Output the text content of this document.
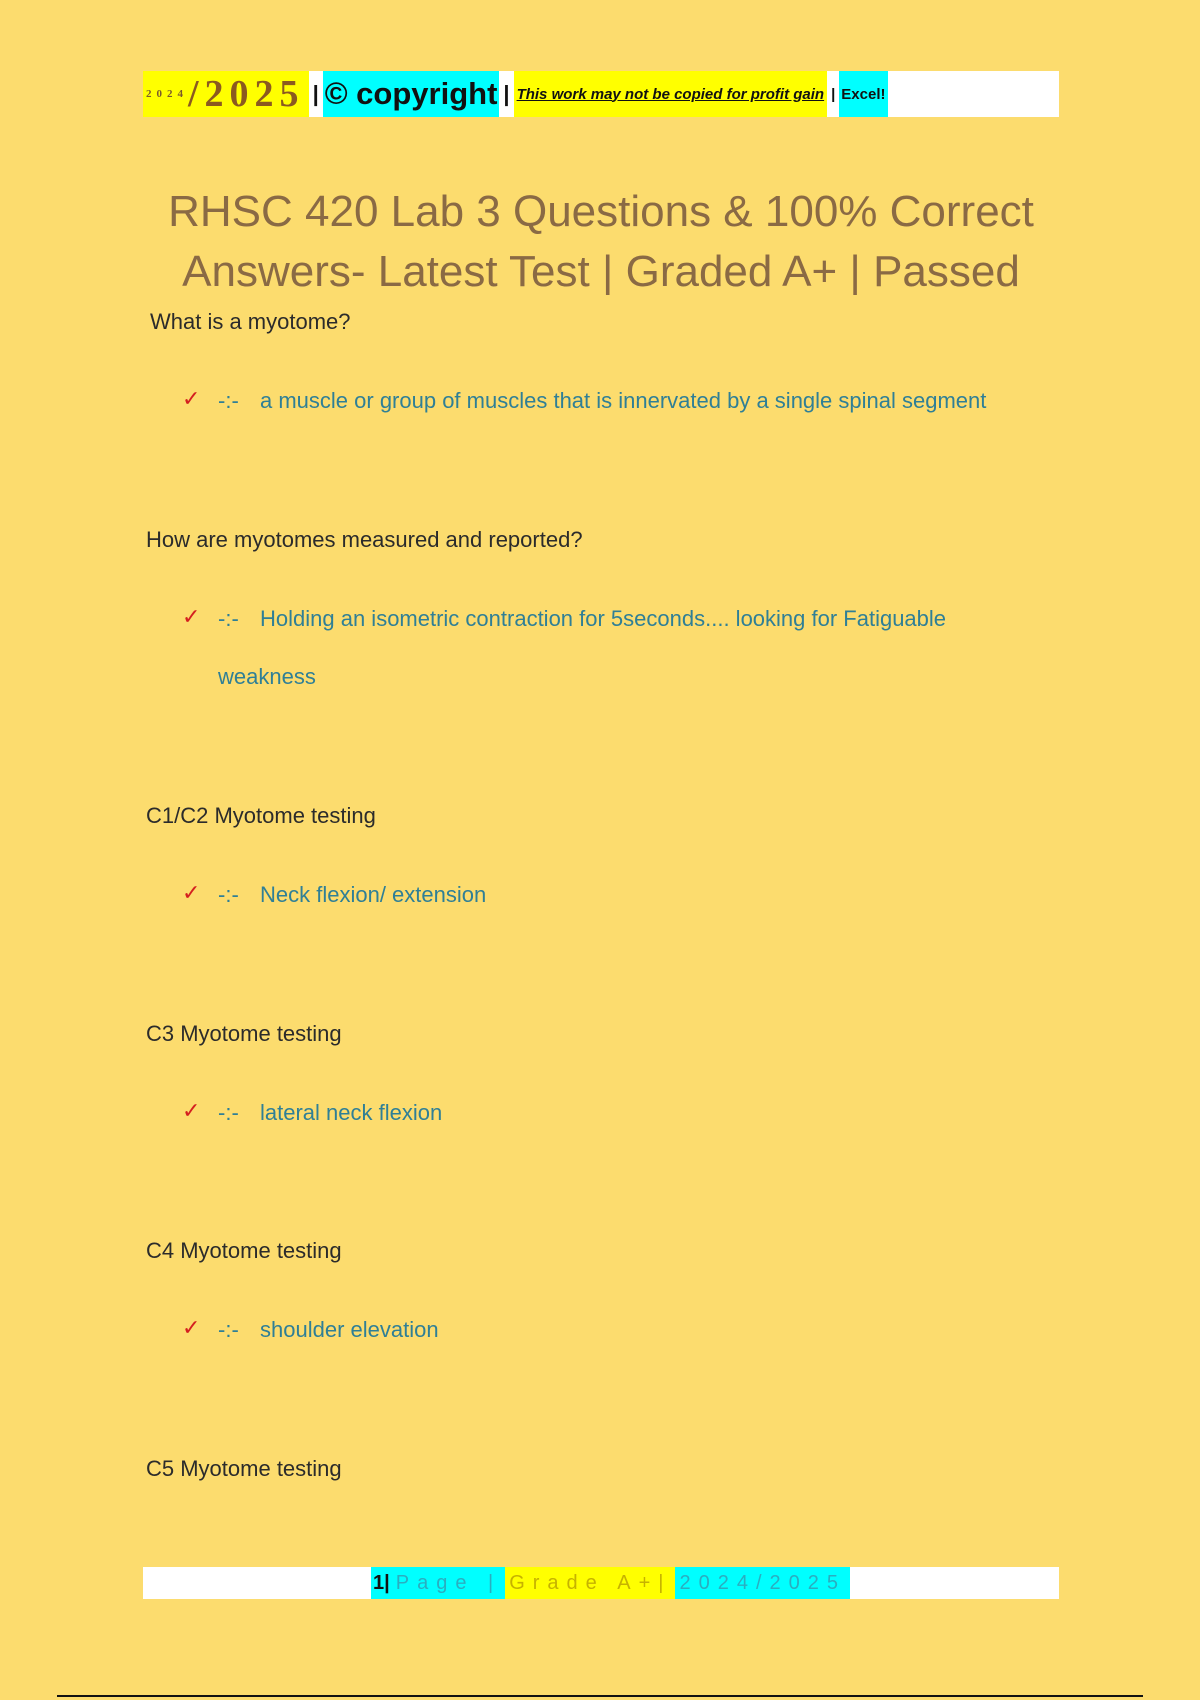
2024 /2025 | © copyright | This work may not be copied for profit gain | Excel!
RHSC 420 Lab 3 Questions & 100% Correct
Answers- Latest Test | Graded A+ | Passed
What is a myotome?
✓ -:- a muscle or group of muscles that is innervated by a single spinal segment
How are myotomes measured and reported?
✓ -:- Holding an isometric contraction for 5seconds.... looking for Fatiguable
weakness
C1/C2 Myotome testing
✓ -:- Neck flexion/ extension
C3 Myotome testing
✓ -:- lateral neck flexion
C4 Myotome testing
✓ -:- shoulder elevation
C5 Myotome testing
1 | Page | Grade A+| 2024/2025
